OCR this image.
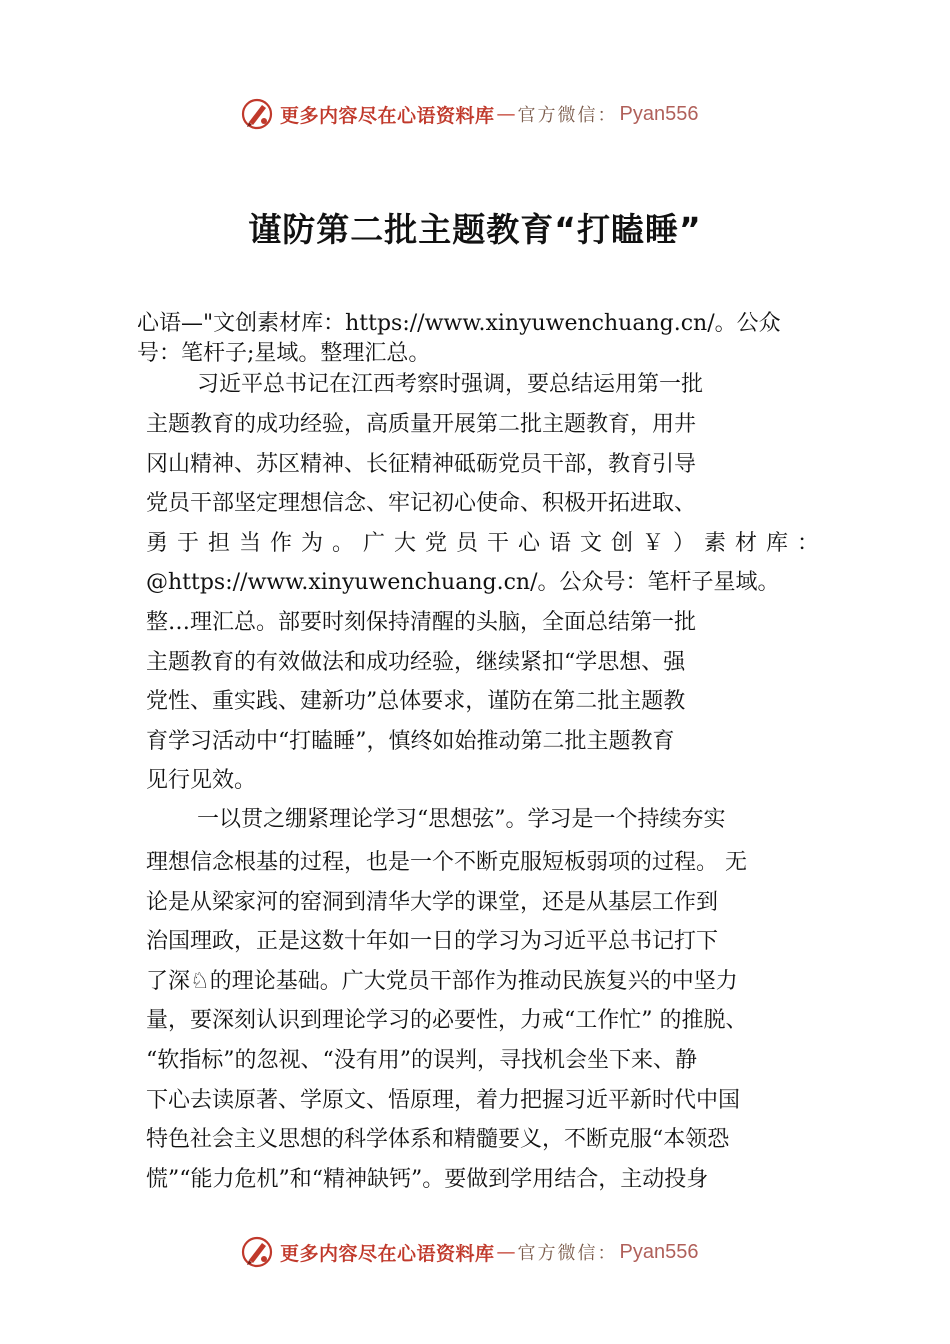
更多内容尽在心语资料库 — 官方微信： Pyan556
谨防第二批主题教育“打瞌睡”
心语—"文创素材库：https://www.xinyuwenchuang.cn/。公众
号：笔杆子;星域。整理汇总。
习近平总书记在江西考察时强调，要总结运用第一批
主题教育的成功经验，高质量开展第二批主题教育，用井
冈山精神、苏区精神、长征精神砥砺党员干部，教育引导
党员干部坚定理想信念、牢记初心使命、积极开拓进取、
勇于担当作为。广大党员干心语文创￥）素材库：
@https://www.xinyuwenchuang.cn/。公众号：笔杆子星域。
整…理汇总。部要时刻保持清醒的头脑，全面总结第一批
主题教育的有效做法和成功经验，继续紧扣“学思想、强
党性、重实践、建新功”总体要求，谨防在第二批主题教
育学习活动中“打瞌睡”，慎终如始推动第二批主题教育
见行见效。
一以贯之绷紧理论学习“思想弦”。学习是一个持续夯实
理想信念根基的过程，也是一个不断克服短板弱项的过程。 无
论是从梁家河的窑洞到清华大学的课堂，还是从基层工作到
治国理政，正是这数十年如一日的学习为习近平总书记打下
了深♘的理论基础。广大党员干部作为推动民族复兴的中坚力
量，要深刻认识到理论学习的必要性，力戒“工作忙” 的推脱、
“软指标”的忽视、“没有用”的误判，寻找机会坐下来、静
下心去读原著、学原文、悟原理，着力把握习近平新时代中国
特色社会主义思想的科学体系和精髓要义，不断克服“本领恐
慌”“能力危机”和“精神缺钙”。要做到学用结合，主动投身
更多内容尽在心语资料库 — 官方微信： Pyan556
